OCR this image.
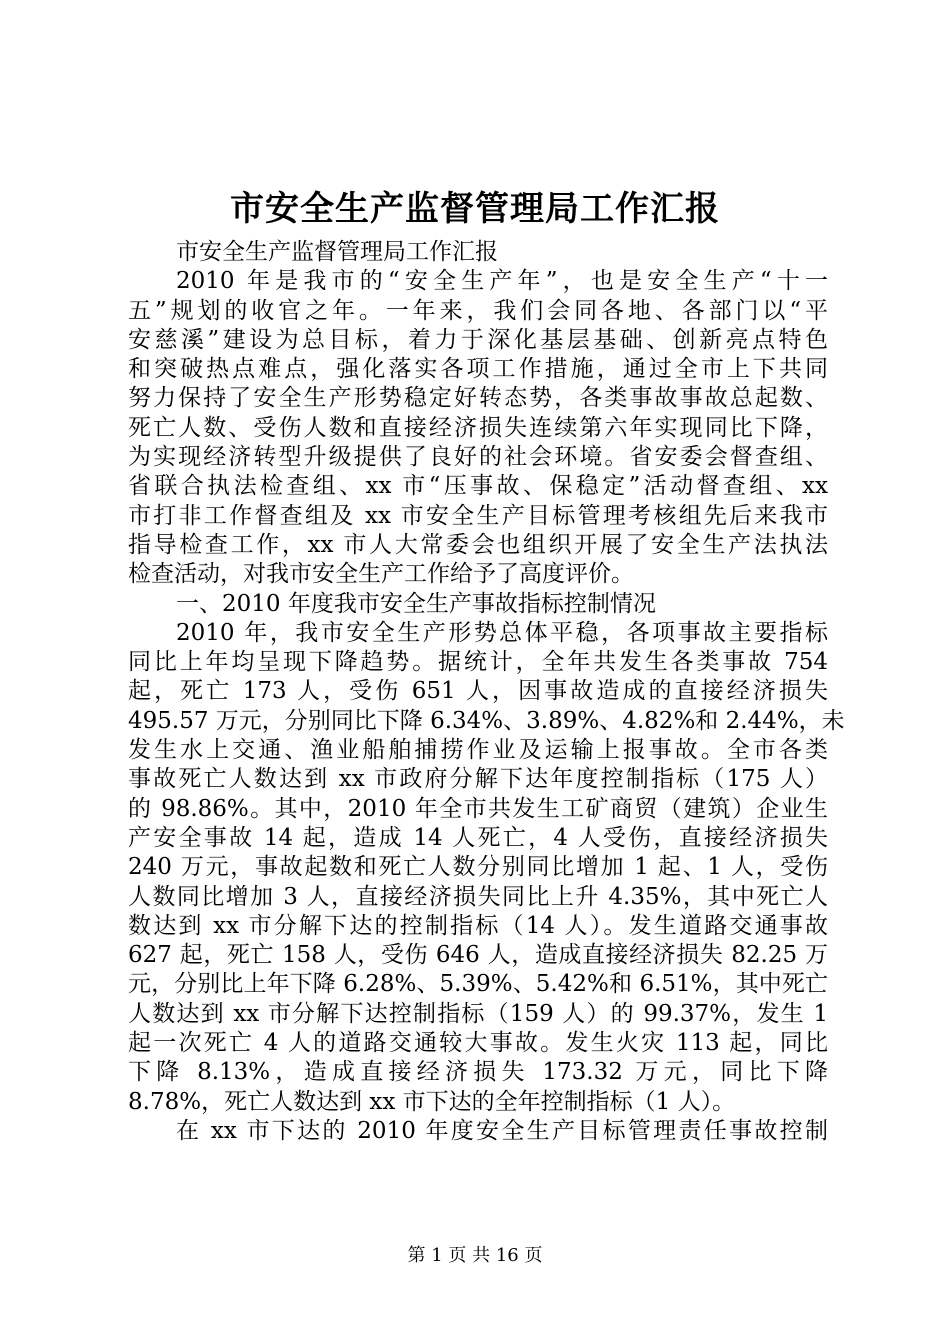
市安全生产监督管理局工作汇报
市安全生产监督管理局工作汇报
2010 年是我市的“安全生产年”，也是安全生产“十一
五”规划的收官之年。一年来，我们会同各地、各部门以“平
安慈溪”建设为总目标，着力于深化基层基础、创新亮点特色
和突破热点难点，强化落实各项工作措施，通过全市上下共同
努力保持了安全生产形势稳定好转态势，各类事故事故总起数、
死亡人数、受伤人数和直接经济损失连续第六年实现同比下降，
为实现经济转型升级提供了良好的社会环境。省安委会督查组、
省联合执法检查组、xx 市“压事故、保稳定”活动督查组、xx
市打非工作督查组及 xx 市安全生产目标管理考核组先后来我市
指导检查工作，xx 市人大常委会也组织开展了安全生产法执法
检查活动，对我市安全生产工作给予了高度评价。
一、2010 年度我市安全生产事故指标控制情况
2010 年，我市安全生产形势总体平稳，各项事故主要指标
同比上年均呈现下降趋势。据统计，全年共发生各类事故 754
起，死亡 173 人，受伤 651 人，因事故造成的直接经济损失
495.57 万元，分别同比下降 6.34%、3.89%、4.82%和 2.44%，未
发生水上交通、渔业船舶捕捞作业及运输上报事故。全市各类
事故死亡人数达到 xx 市政府分解下达年度控制指标（175 人）
的 98.86%。其中，2010 年全市共发生工矿商贸（建筑）企业生
产安全事故 14 起，造成 14 人死亡，4 人受伤，直接经济损失
240 万元，事故起数和死亡人数分别同比增加 1 起、1 人，受伤
人数同比增加 3 人，直接经济损失同比上升 4.35%，其中死亡人
数达到 xx 市分解下达的控制指标（14 人）。发生道路交通事故
627 起，死亡 158 人，受伤 646 人，造成直接经济损失 82.25 万
元，分别比上年下降 6.28%、5.39%、5.42%和 6.51%，其中死亡
人数达到 xx 市分解下达控制指标（159 人）的 99.37%，发生 1
起一次死亡 4 人的道路交通较大事故。发生火灾 113 起，同比
下降 8.13%，造成直接经济损失 173.32 万元，同比下降
8.78%，死亡人数达到 xx 市下达的全年控制指标（1 人）。
在 xx 市下达的 2010 年度安全生产目标管理责任事故控制
第 1 页 共 16 页
